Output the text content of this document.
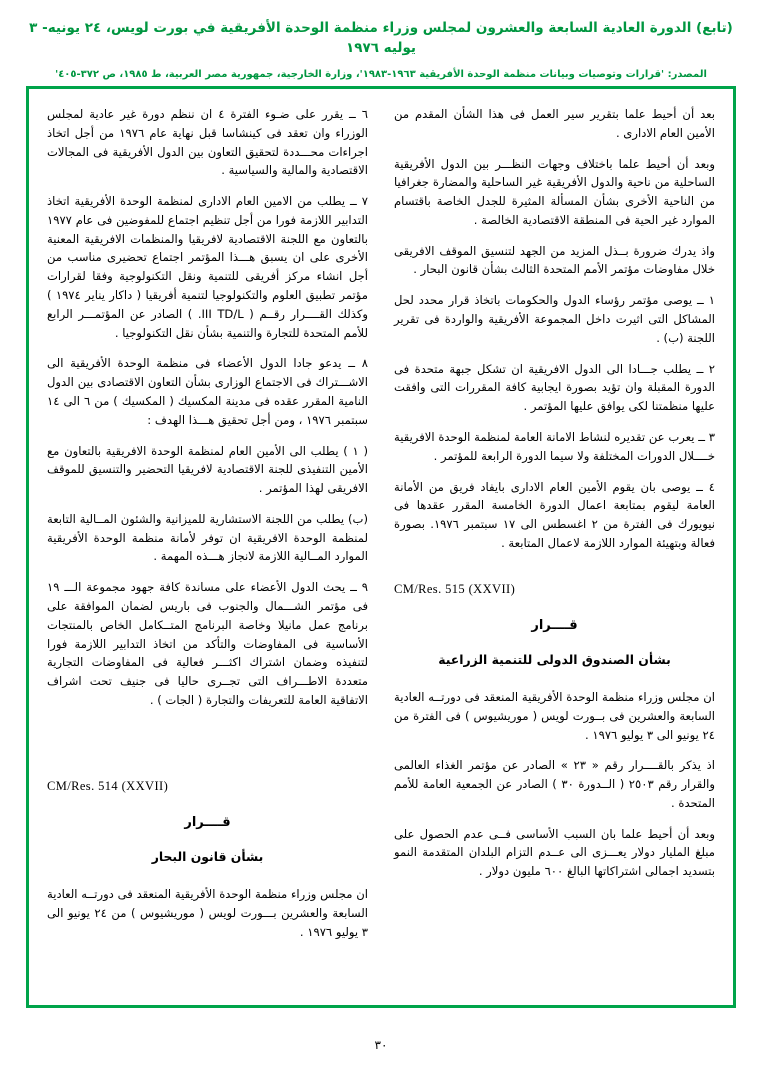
(تابع) الدورة العادية السابعة والعشرون لمجلس وزراء منظمة الوحدة الأفريقية في بورت لويس، ٢٤ يونيه- ٣ يوليه ١٩٧٦
المصدر: 'قرارات وتوصيات وبيانات منظمة الوحدة الأفريقية ١٩٦٣-١٩٨٣'، وزارة الخارجية، جمهورية مصر العربية، ط ١٩٨٥، ص ٣٧٢-٤٠٥'

بعد أن أحيط علما بتقرير سير العمل فى هذا الشأن المقدم من الأمين العام الادارى .

وبعد أن أحيط علما باختلاف وجهات النظـــر بين الدول الأفريقية الساحلية من ناحية والدول الأفريقية غير الساحلية والمضارة جغرافيا من الناحية الأخرى بشأن المسألة المثيرة للجدل الخاصة باقتسام الموارد غير الحية فى المنطقة الاقتصادية الخالصة .

واذ يدرك ضرورة بــذل المزيد من الجهد لتنسيق الموقف الافريقى خلال مفاوضات مؤتمر الأمم المتحدة الثالث بشأن قانون البحار .

١ ــ يوصى مؤتمر رؤساء الدول والحكومات باتخاذ قرار محدد لحل المشاكل التى اثيرت داخل المجموعة الأفريقية والواردة فى تقرير اللجنة (ب) .

٢ ــ يطلب جـــادا الى الدول الافريقية ان تشكل جبهة متحدة فى الدورة المقبلة وان تؤيد بصورة ايجابية كافة المقررات التى وافقت عليها منظمتنا لكى يوافق عليها المؤتمر .

٣ ــ يعرب عن تقديره لنشاط الامانة العامة لمنظمة الوحدة الافريقية خــــلال الدورات المختلفة ولا سيما الدورة الرابعة للمؤتمر .

٤ ــ يوصى بان يقوم الأمين العام الادارى بايفاد فريق من الأمانة العامة ليقوم بمتابعة اعمال الدورة الخامسة المقرر عقدها فى نيويورك فى الفترة من ٢ اغسطس الى ١٧ سبتمبر ١٩٧٦. بصورة فعالة وبتهيئة الموارد اللازمة لاعمال المتابعة .

CM/Res. 515 (XXVII)
قــــرار
بشأن الصندوق الدولى للتنمية الزراعية

ان مجلس وزراء منظمة الوحدة الأفريقية المنعقد فى دورتــه العادية السابعة والعشرين فى بــورت لويس ( موريشيوس ) فى الفترة من ٢٤ يونيو الى ٣ يوليو ١٩٧٦ .

اذ يذكر بالقــــرار رقم « ٢٣ » الصادر عن مؤتمر الغذاء العالمى والقرار رقم ٢٥٠٣ ( الــدورة ٣٠ ) الصادر عن الجمعية العامة للأمم المتحدة .

وبعد أن أحيط علما بان السبب الأساسى فــى عدم الحصول على مبلغ المليار دولار يعـــزى الى عــدم التزام البلدان المتقدمة النمو بتسديد اجمالى اشتراكاتها البالغ ٦٠٠ مليون دولار .

٦ ــ يقرر على ضـوء الفترة ٤ ان ننظم دورة غير عادية لمجلس الوزراء وان تعقد فى كينشاسا قبل نهاية عام ١٩٧٦ من أجل اتخاذ اجراءات محـــددة لتحقيق التعاون بين الدول الأفريقية فى المجالات الاقتصادية والمالية والسياسية .

٧ ــ يطلب من الامين العام الادارى لمنظمة الوحدة الأفريقية اتخاذ التدابير اللازمة فورا من أجل تنظيم اجتماع للمفوضين فى عام ١٩٧٧ بالتعاون مع اللجنة الاقتصادية لافريقيا والمنظمات الافريقية المعنية الأخرى على ان يسبق هـــذا المؤتمر اجتماع تحضيرى مناسب من أجل انشاء مركز أفريقى للتنمية ونقل التكنولوجية وفقا لقرارات مؤتمر تطبيق العلوم والتكنولوجيا لتنمية أفريقيا ( داكار يناير ١٩٧٤ ) وكذلك القــــرار رقــم ( III TD/L. ) الصادر عن المؤتمـــر الرابع للأمم المتحدة للتجارة والتنمية بشأن نقل التكنولوجيا .

٨ ــ يدعو جادا الدول الأعضاء فى منظمة الوحدة الأفريقية الى الاشـــتراك فى الاجتماع الوزارى بشأن التعاون الاقتصادى بين الدول النامية المقرر عقده فى مدينة المكسيك ( المكسيك ) من ٦ الى ١٤ سبتمبر ١٩٧٦ ، ومن أجل تحقيق هـــذا الهدف :

( ١ ) يطلب الى الأمين العام لمنظمة الوحدة الافريقية بالتعاون مع الأمين التنفيذى للجنة الاقتصادية لافريقيا التحضير والتنسيق للموقف الافريقى لهذا المؤتمر .

(ب) يطلب من اللجنة الاستشارية للميزانية والشئون المــالية التابعة لمنظمة الوحدة الافريقية ان توفر لأمانة منظمة الوحدة الأفريقية الموارد المــالية اللازمة لانجاز هـــذه المهمة .

٩ ــ يحث الدول الأعضاء على مساندة كافة جهود مجموعة الـــ ١٩ فى مؤتمر الشـــمال والجنوب فى باريس لضمان الموافقة على برنامج عمل مانيلا وخاصة البرنامج المتــكامل الخاص بالمنتجات الأساسية فى المفاوضات والتأكد من اتخاذ التدابير اللازمة فورا لتنفيذه وضمان اشتراك اكثـــر فعالية فى المفاوضات التجارية متعددة الاطـــراف التى تجــرى حاليا فى جنيف تحت اشراف الاتفاقية العامة للتعريفات والتجارة ( الجات ) .

CM/Res. 514 (XXVII)
قــــرار
بشأن قانون البحار

ان مجلس وزراء منظمة الوحدة الأفريقية المنعقد فى دورتــه العادية السابعة والعشرين بـــورت لويس ( موريشيوس ) من ٢٤ يونيو الى ٣ يوليو ١٩٧٦ .

٣٠
